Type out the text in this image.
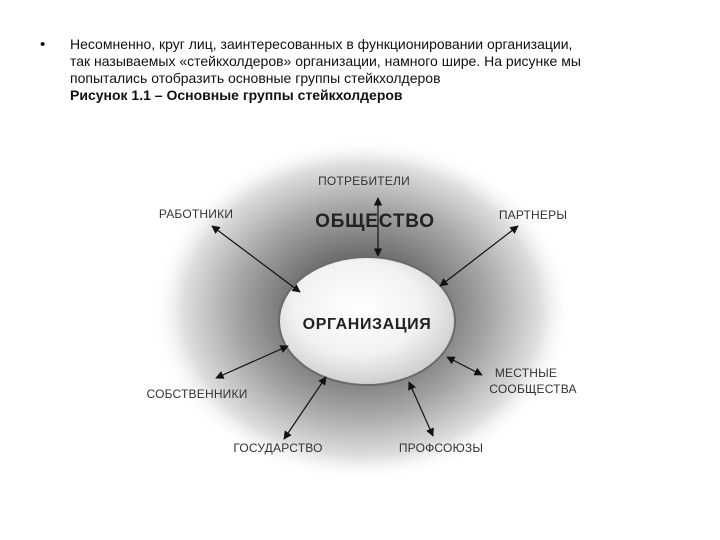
• Несомненно, круг лиц, заинтересованных в функционировании организации,
так называемых «стейкхолдеров» организации, намного шире. На рисунке мы
попытались отобразить основные группы стейкхолдеров
Рисунок 1.1 – Основные группы стейкхолдеров
ОБЩЕСТВО
ОРГАНИЗАЦИЯ
ПОТРЕБИТЕЛИ
РАБОТНИКИ	ПАРТНЕРЫ
МЕСТНЫЕ
СООБЩЕСТВА
СОБСТВЕННИКИ
ГОСУДАРСТВО	ПРОФСОЮЗЫ
